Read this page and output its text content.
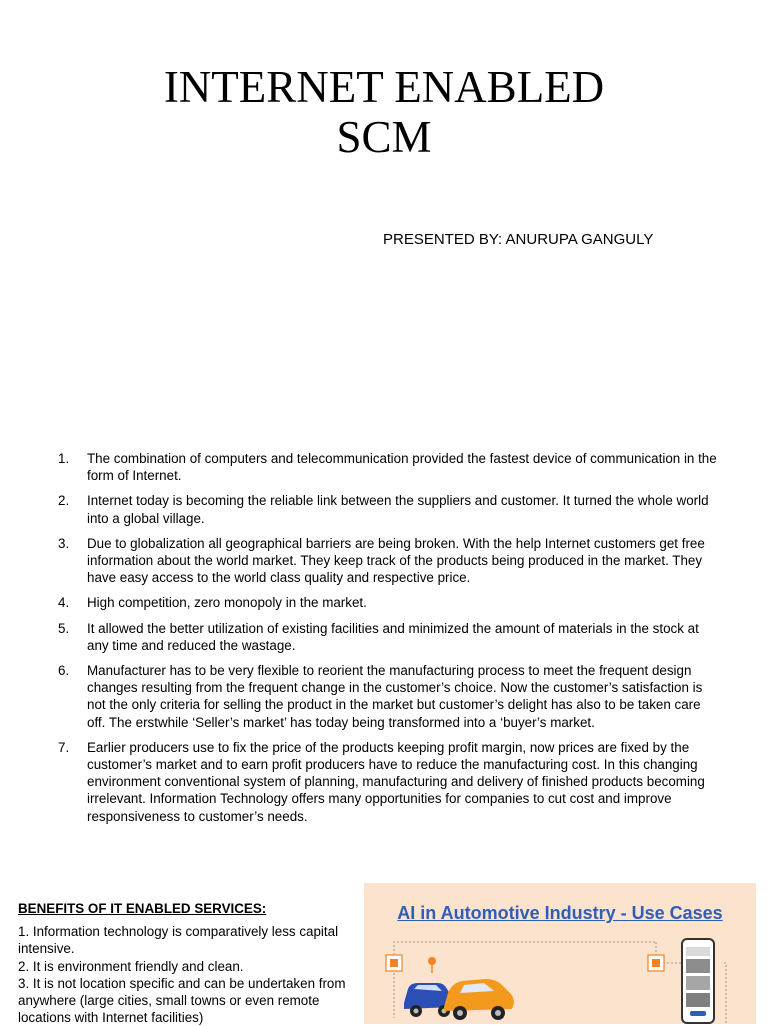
INTERNET ENABLED
SCM
PRESENTED BY: ANURUPA GANGULY
1. The combination of computers and telecommunication provided the fastest device of communication in the form of Internet.
2. Internet today is becoming the reliable link between the suppliers and customer. It turned the whole world into a global village.
3. Due to globalization all geographical barriers are being broken. With the help Internet customers get free information about the world market. They keep track of the products being produced in the market. They have easy access to the world class quality and respective price.
4. High competition, zero monopoly in the market.
5. It allowed the better utilization of existing facilities and minimized the amount of materials in the stock at any time and reduced the wastage.
6. Manufacturer has to be very flexible to reorient the manufacturing process to meet the frequent design changes resulting from the frequent change in the customer’s choice. Now the customer’s satisfaction is not the only criteria for selling the product in the market but customer’s delight has also to be taken care off. The erstwhile ‘Seller’s market’ has today being transformed into a ‘buyer’s market.
7. Earlier producers use to fix the price of the products keeping profit margin, now prices are fixed by the customer’s market and to earn profit producers have to reduce the manufacturing cost. In this changing environment conventional system of planning, manufacturing and delivery of finished products becoming irrelevant. Information Technology offers many opportunities for companies to cut cost and improve responsiveness to customer’s needs.
BENEFITS OF IT ENABLED SERVICES:

1. Information technology is comparatively less capital intensive.

2. It is environment friendly and clean.

3. It is not location specific and can be undertaken from anywhere (large cities, small towns or even remote locations with Internet facilities)

AI in Automotive Industry - Use Cases
